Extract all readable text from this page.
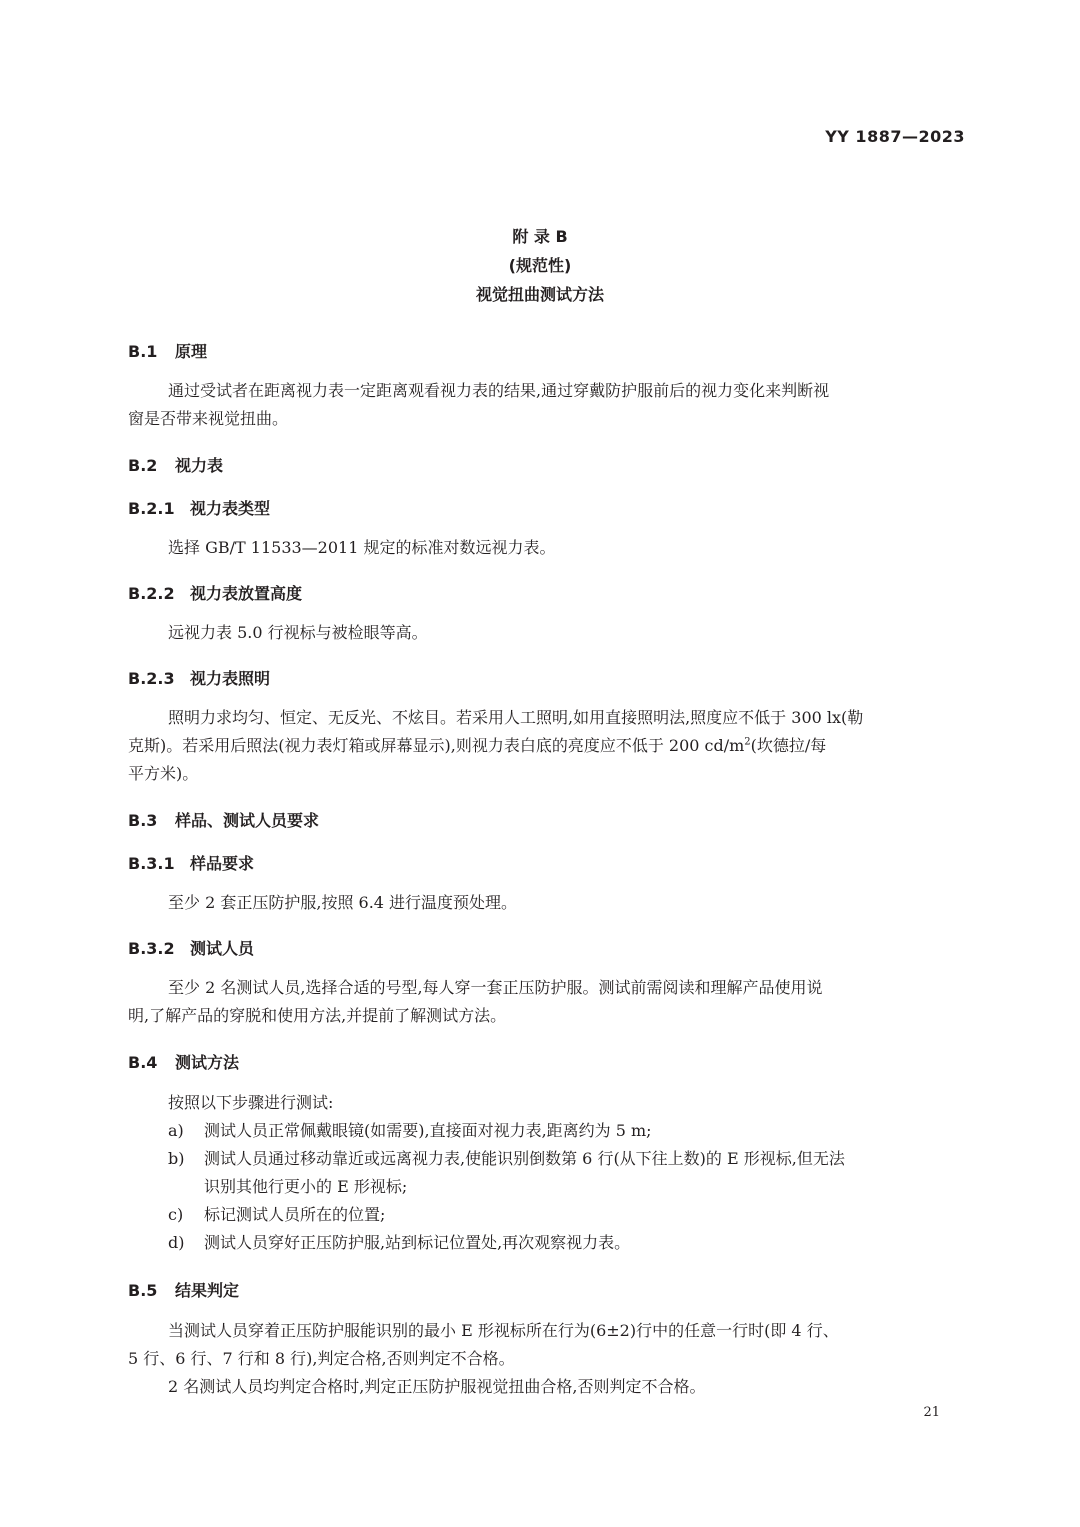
YY 1887—2023
附 录 B
(规范性)
视觉扭曲测试方法
B.1 原理
通过受试者在距离视力表一定距离观看视力表的结果,通过穿戴防护服前后的视力变化来判断视
窗是否带来视觉扭曲。
B.2 视力表
B.2.1 视力表类型
选择 GB/T 11533—2011 规定的标准对数远视力表。
B.2.2 视力表放置高度
远视力表 5.0 行视标与被检眼等高。
B.2.3 视力表照明
照明力求均匀、恒定、无反光、不炫目。若采用人工照明,如用直接照明法,照度应不低于 300 lx(勒
克斯)。若采用后照法(视力表灯箱或屏幕显示),则视力表白底的亮度应不低于 200 $cd/m^2$(坎德拉/每
平方米)。
B.3 样品、测试人员要求
B.3.1 样品要求
至少 2 套正压防护服,按照 6.4 进行温度预处理。
B.3.2 测试人员
至少 2 名测试人员,选择合适的号型,每人穿一套正压防护服。测试前需阅读和理解产品使用说
明,了解产品的穿脱和使用方法,并提前了解测试方法。
B.4 测试方法
按照以下步骤进行测试:
a)	测试人员正常佩戴眼镜(如需要),直接面对视力表,距离约为 5 m;
b)	测试人员通过移动靠近或远离视力表,使能识别倒数第 6 行(从下往上数)的 E 形视标,但无法
识别其他行更小的 E 形视标;
c)	标记测试人员所在的位置;
d)	测试人员穿好正压防护服,站到标记位置处,再次观察视力表。
B.5 结果判定
当测试人员穿着正压防护服能识别的最小 E 形视标所在行为(6±2)行中的任意一行时(即 4 行、
5 行、6 行、7 行和 8 行),判定合格,否则判定不合格。
2 名测试人员均判定合格时,判定正压防护服视觉扭曲合格,否则判定不合格。
21
